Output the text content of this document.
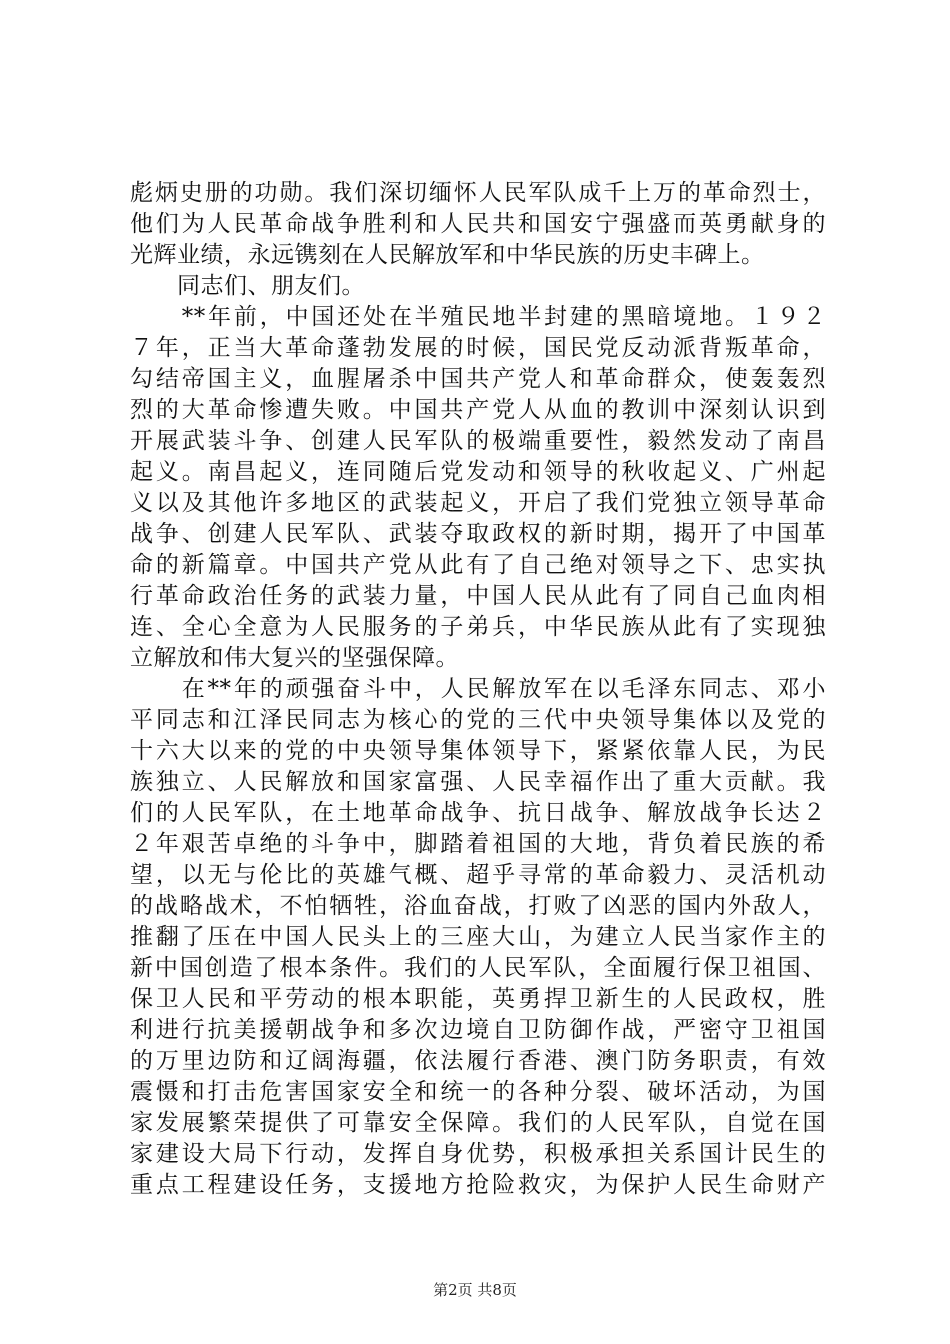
彪炳史册的功勋。我们深切缅怀人民军队成千上万的革命烈士，
他们为人民革命战争胜利和人民共和国安宁强盛而英勇献身的
光辉业绩，永远镌刻在人民解放军和中华民族的历史丰碑上。
　　同志们、朋友们。
　　**年前，中国还处在半殖民地半封建的黑暗境地。１９２
７年，正当大革命蓬勃发展的时候，国民党反动派背叛革命，
勾结帝国主义，血腥屠杀中国共产党人和革命群众，使轰轰烈
烈的大革命惨遭失败。中国共产党人从血的教训中深刻认识到
开展武装斗争、创建人民军队的极端重要性，毅然发动了南昌
起义。南昌起义，连同随后党发动和领导的秋收起义、广州起
义以及其他许多地区的武装起义，开启了我们党独立领导革命
战争、创建人民军队、武装夺取政权的新时期，揭开了中国革
命的新篇章。中国共产党从此有了自己绝对领导之下、忠实执
行革命政治任务的武装力量，中国人民从此有了同自己血肉相
连、全心全意为人民服务的子弟兵，中华民族从此有了实现独
立解放和伟大复兴的坚强保障。
　　在**年的顽强奋斗中，人民解放军在以毛泽东同志、邓小
平同志和江泽民同志为核心的党的三代中央领导集体以及党的
十六大以来的党的中央领导集体领导下，紧紧依靠人民，为民
族独立、人民解放和国家富强、人民幸福作出了重大贡献。我
们的人民军队，在土地革命战争、抗日战争、解放战争长达２
２年艰苦卓绝的斗争中，脚踏着祖国的大地，背负着民族的希
望，以无与伦比的英雄气概、超乎寻常的革命毅力、灵活机动
的战略战术，不怕牺牲，浴血奋战，打败了凶恶的国内外敌人，
推翻了压在中国人民头上的三座大山，为建立人民当家作主的
新中国创造了根本条件。我们的人民军队，全面履行保卫祖国、
保卫人民和平劳动的根本职能，英勇捍卫新生的人民政权，胜
利进行抗美援朝战争和多次边境自卫防御作战，严密守卫祖国
的万里边防和辽阔海疆，依法履行香港、澳门防务职责，有效
震慑和打击危害国家安全和统一的各种分裂、破坏活动，为国
家发展繁荣提供了可靠安全保障。我们的人民军队，自觉在国
家建设大局下行动，发挥自身优势，积极承担关系国计民生的
重点工程建设任务，支援地方抢险救灾，为保护人民生命财产
第2页 共8页
